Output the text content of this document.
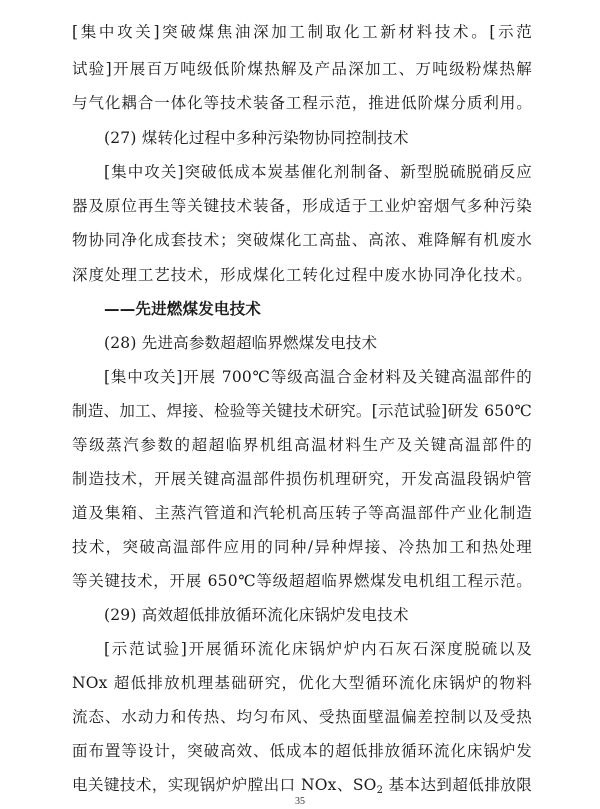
[集中攻关]突破煤焦油深加工制取化工新材料技术。[示范
试验]开展百万吨级低阶煤热解及产品深加工、万吨级粉煤热解
与气化耦合一体化等技术装备工程示范，推进低阶煤分质利用。
(27) 煤转化过程中多种污染物协同控制技术
[集中攻关]突破低成本炭基催化剂制备、新型脱硫脱硝反应
器及原位再生等关键技术装备，形成适于工业炉窑烟气多种污染
物协同净化成套技术；突破煤化工高盐、高浓、难降解有机废水
深度处理工艺技术，形成煤化工转化过程中废水协同净化技术。
——先进燃煤发电技术
(28) 先进高参数超超临界燃煤发电技术
[集中攻关]开展 700℃等级高温合金材料及关键高温部件的
制造、加工、焊接、检验等关键技术研究。[示范试验]研发 650℃
等级蒸汽参数的超超临界机组高温材料生产及关键高温部件的
制造技术，开展关键高温部件损伤机理研究，开发高温段锅炉管
道及集箱、主蒸汽管道和汽轮机高压转子等高温部件产业化制造
技术，突破高温部件应用的同种/异种焊接、冷热加工和热处理
等关键技术，开展 650℃等级超超临界燃煤发电机组工程示范。
(29) 高效超低排放循环流化床锅炉发电技术
[示范试验]开展循环流化床锅炉炉内石灰石深度脱硫以及
NOx 超低排放机理基础研究，优化大型循环流化床锅炉的物料
流态、水动力和传热、均匀布风、受热面壁温偏差控制以及受热
面布置等设计，突破高效、低成本的超低排放循环流化床锅炉发
电关键技术，实现锅炉炉膛出口 NOx、$SO_2$ 基本达到超低排放限
35
